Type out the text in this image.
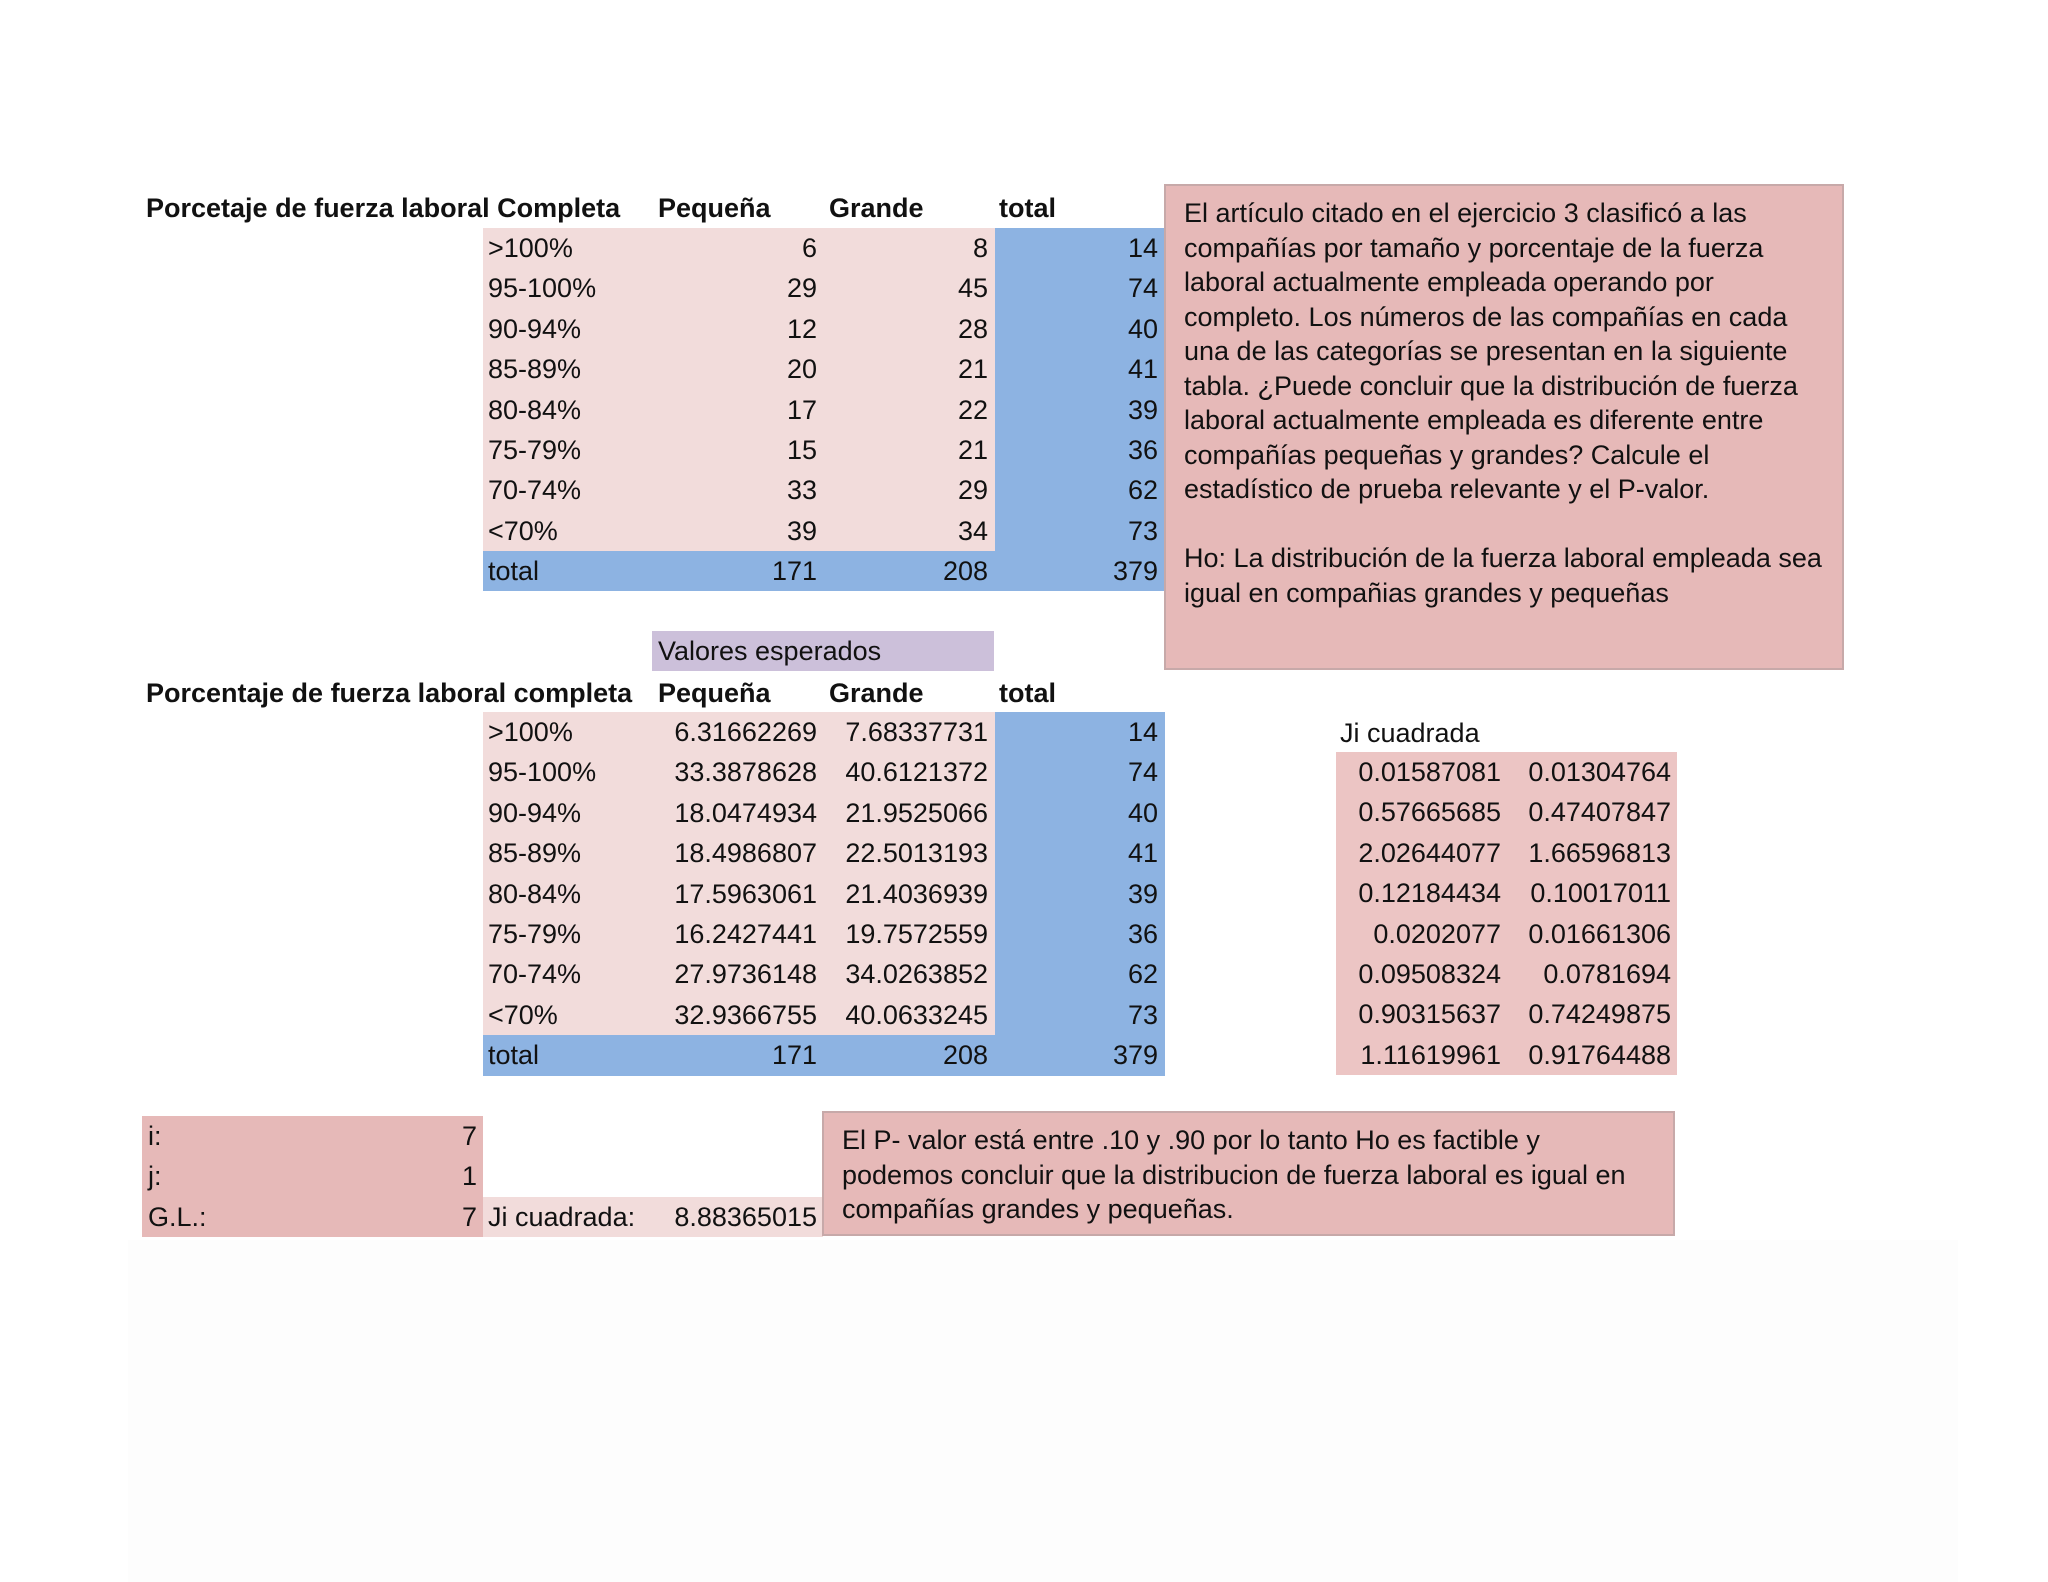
Porcetaje de fuerza laboral Completa Pequeña Grande	total
>100%	6	8	14
95-100%	29	45	74
90-94%	12	28	40
85-89%	20	21	41
80-84%	17	22	39
75-79%	15	21	36
70-74%	33	29	62
<70%	39	34	73
total	171	208	379

El artículo citado en el ejercicio 3 clasificó a las compañías por tamaño y porcentaje de la fuerza laboral actualmente empleada operando por completo. Los números de las compañías en cada una de las categorías se presentan en la siguiente tabla. ¿Puede concluir que la distribución de fuerza laboral actualmente empleada es diferente entre compañías pequeñas y grandes? Calcule el estadístico de prueba relevante y el P-valor.

Ho: La distribución de la fuerza laboral empleada sea igual en compañias grandes y pequeñas

Valores esperados
Porcentaje de fuerza laboral completa Pequeña Grande	total
>100%	6.31662269	7.68337731	14
95-100%	33.3878628	40.6121372	74
90-94%	18.0474934	21.9525066	40
85-89%	18.4986807	22.5013193	41
80-84%	17.5963061	21.4036939	39
75-79%	16.2427441	19.7572559	36
70-74%	27.9736148	34.0263852	62
<70%	32.9366755	40.0633245	73
total	171	208	379
Ji cuadrada
0.01587081	0.01304764
0.57665685	0.47407847
2.02644077	1.66596813
0.12184434	0.10017011
0.0202077	0.01661306
0.09508324	0.0781694
0.90315637	0.74249875
1.11619961	0.91764488
i:	7
j:	1
G.L.:	7 Ji cuadrada:	8.88365015

El P- valor está entre .10 y .90 por lo tanto Ho es factible y podemos concluir que la distribucion de fuerza laboral es igual en compañías grandes y pequeñas.
